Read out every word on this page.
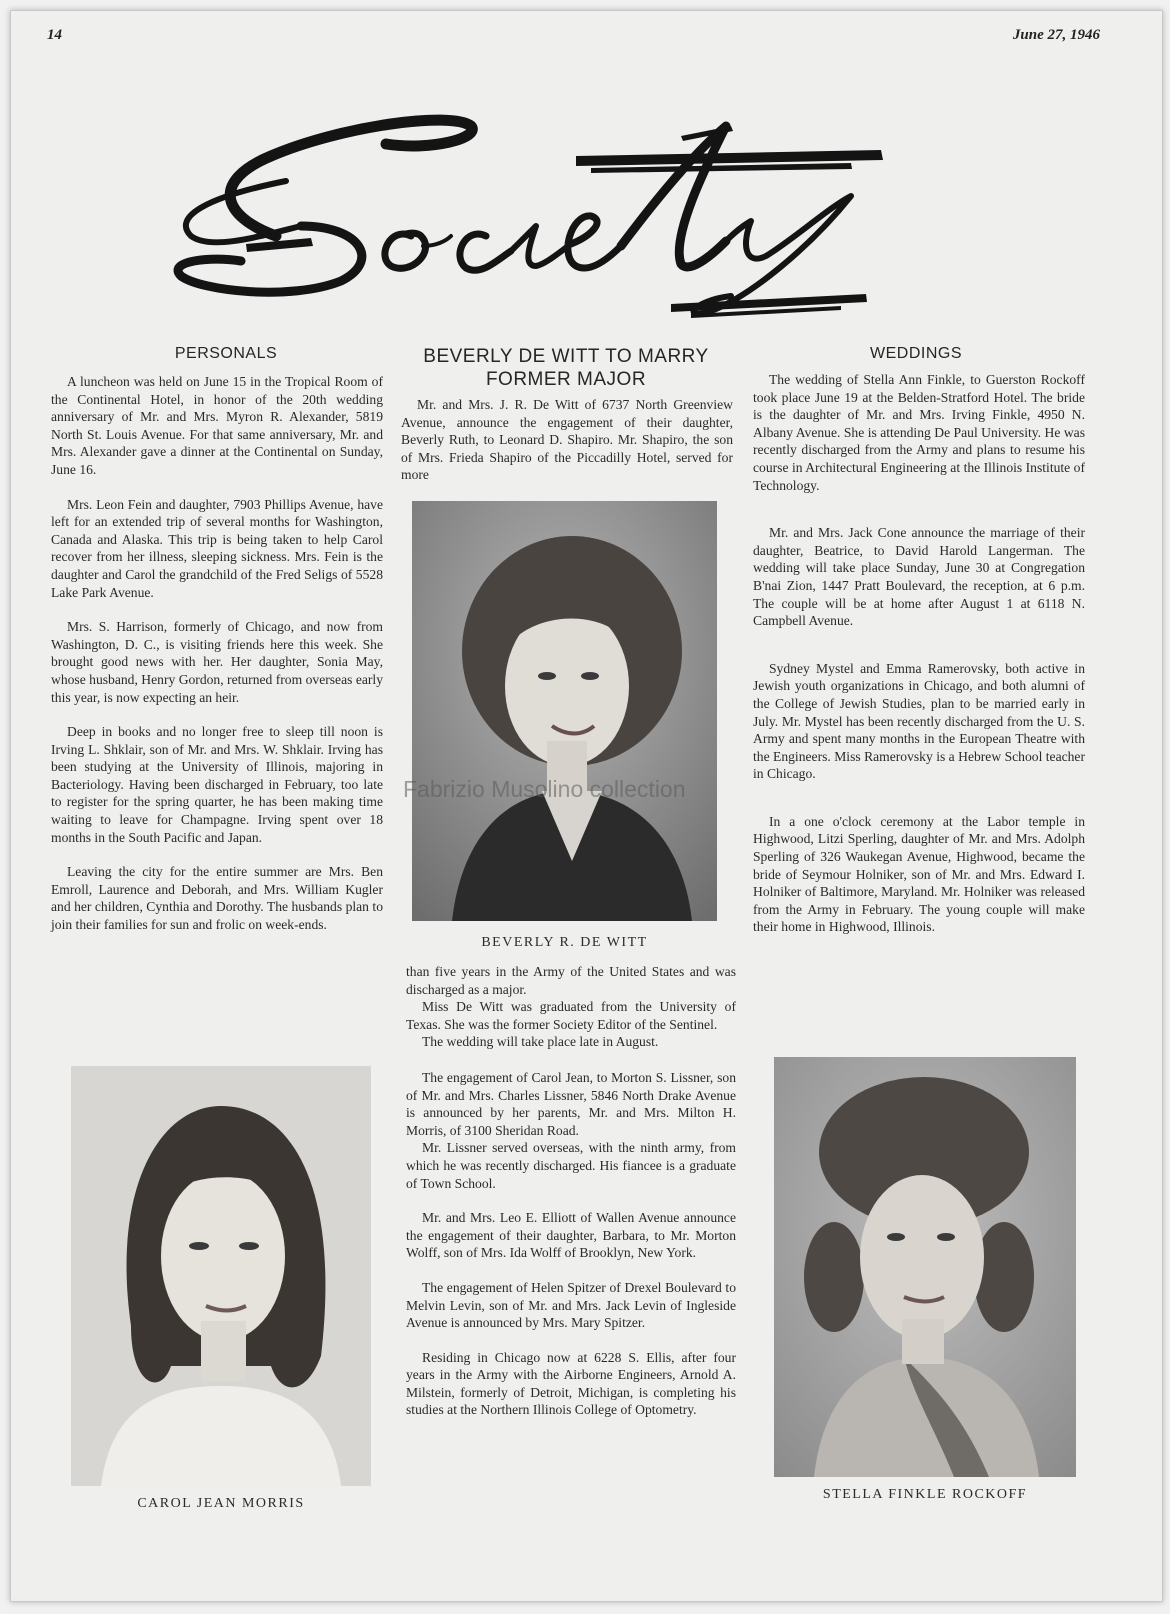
14	June 27, 1946
PERSONALS

A luncheon was held on June 15 in the Tropical Room of the Continental Hotel, in honor of the 20th wedding anniversary of Mr. and Mrs. Myron R. Alexander, 5819 North St. Louis Avenue. For that same anniversary, Mr. and Mrs. Alexander gave a dinner at the Continental on Sunday, June 16.

Mrs. Leon Fein and daughter, 7903 Phillips Avenue, have left for an extended trip of several months for Washington, Canada and Alaska. This trip is being taken to help Carol recover from her illness, sleeping sickness. Mrs. Fein is the daughter and Carol the grandchild of the Fred Seligs of 5528 Lake Park Avenue.

Mrs. S. Harrison, formerly of Chicago, and now from Washington, D. C., is visiting friends here this week. She brought good news with her. Her daughter, Sonia May, whose husband, Henry Gordon, returned from overseas early this year, is now expecting an heir.

Deep in books and no longer free to sleep till noon is Irving L. Shklair, son of Mr. and Mrs. W. Shklair. Irving has been studying at the University of Illinois, majoring in Bacteriology. Having been discharged in February, too late to register for the spring quarter, he has been making time waiting to leave for Champagne. Irving spent over 18 months in the South Pacific and Japan.

Leaving the city for the entire summer are Mrs. Ben Emroll, Laurence and Deborah, and Mrs. William Kugler and her children, Cynthia and Dorothy. The husbands plan to join their families for sun and frolic on week-ends.

BEVERLY DE WITT TO MARRY
FORMER MAJOR

Mr. and Mrs. J. R. De Witt of 6737 North Greenview Avenue, announce the engagement of their daughter, Beverly Ruth, to Leonard D. Shapiro. Mr. Shapiro, the son of Mrs. Frieda Shapiro of the Piccadilly Hotel, served for more

BEVERLY R. DE WITT

than five years in the Army of the United States and was discharged as a major.

Miss De Witt was graduated from the University of Texas. She was the former Society Editor of the Sentinel.

The wedding will take place late in August.

The engagement of Carol Jean, to Morton S. Lissner, son of Mr. and Mrs. Charles Lissner, 5846 North Drake Avenue is announced by her parents, Mr. and Mrs. Milton H. Morris, of 3100 Sheridan Road.

Mr. Lissner served overseas, with the ninth army, from which he was recently discharged. His fiancee is a graduate of Town School.

Mr. and Mrs. Leo E. Elliott of Wallen Avenue announce the engagement of their daughter, Barbara, to Mr. Morton Wolff, son of Mrs. Ida Wolff of Brooklyn, New York.

The engagement of Helen Spitzer of Drexel Boulevard to Melvin Levin, son of Mr. and Mrs. Jack Levin of Ingleside Avenue is announced by Mrs. Mary Spitzer.

Residing in Chicago now at 6228 S. Ellis, after four years in the Army with the Airborne Engineers, Arnold A. Milstein, formerly of Detroit, Michigan, is completing his studies at the Northern Illinois College of Optometry.

WEDDINGS

The wedding of Stella Ann Finkle, to Guerston Rockoff took place June 19 at the Belden-Stratford Hotel. The bride is the daughter of Mr. and Mrs. Irving Finkle, 4950 N. Albany Avenue. She is attending De Paul University. He was recently discharged from the Army and plans to resume his course in Architectural Engineering at the Illinois Institute of Technology.

Mr. and Mrs. Jack Cone announce the marriage of their daughter, Beatrice, to David Harold Langerman. The wedding will take place Sunday, June 30 at Congregation B'nai Zion, 1447 Pratt Boulevard, the reception, at 6 p.m. The couple will be at home after August 1 at 6118 N. Campbell Avenue.

Sydney Mystel and Emma Ramerovsky, both active in Jewish youth organizations in Chicago, and both alumni of the College of Jewish Studies, plan to be married early in July. Mr. Mystel has been recently discharged from the U. S. Army and spent many months in the European Theatre with the Engineers. Miss Ramerovsky is a Hebrew School teacher in Chicago.

In a one o'clock ceremony at the Labor temple in Highwood, Litzi Sperling, daughter of Mr. and Mrs. Adolph Sperling of 326 Waukegan Avenue, Highwood, became the bride of Seymour Holniker, son of Mr. and Mrs. Edward I. Holniker of Baltimore, Maryland. Mr. Holniker was released from the Army in February. The young couple will make their home in Highwood, Illinois.

Fabrizio Musolino collection
CAROL JEAN MORRIS
STELLA FINKLE ROCKOFF
